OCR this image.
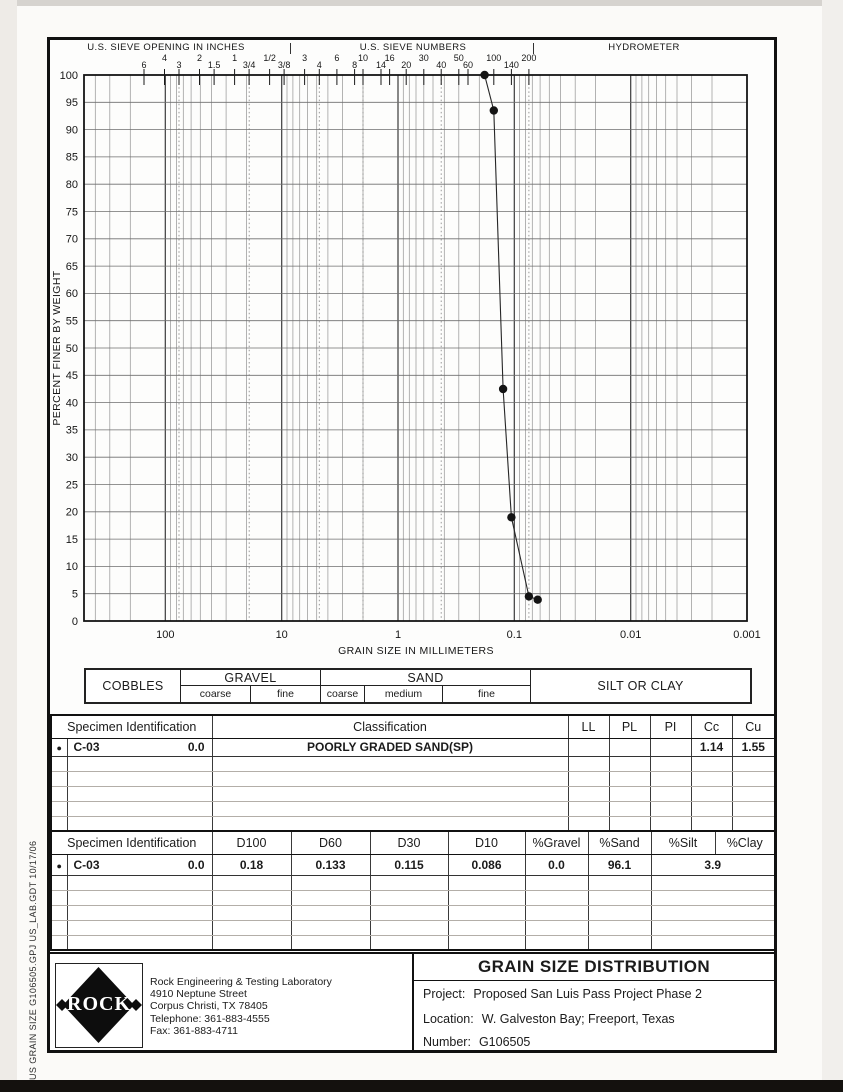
US GRAIN SIZE G106505.GPJ US_LAB.GDT 10/17/06
U.S. SIEVE OPENING IN INCHES	U.S. SIEVE NUMBERS	HYDROMETER
0
5
10
15
20
25
30
35
40
45
50
55
60
65
70
75
80
85
90
95
100
6
4
3
2
1.5
1
3/4
1/2
3/8
3
4
6
8
10
14
16
20
30
40
50
60
100
140
200
100	10	1	0.1	0.01	0.001
PERCENT FINER BY WEIGHT
GRAIN SIZE IN MILLIMETERS
COBBLES
GRAVEL
coarse	fine
SAND
coarse	medium	fine
SILT OR CLAY
Specimen Identification		Classification	LL	PL	PI	Cc	Cu
●	C-03 0.0	POORLY GRADED SAND(SP)				1.14	1.55

Specimen Identification		D100	D60	D30	D10	%Gravel	%Sand	%Silt	%Clay
●	C-03 0.0	0.18	0.133	0.115	0.086	0.0	96.1	3.9	

ROCK
Rock Engineering & Testing Laboratory
4910 Neptune Street
Corpus Christi, TX 78405
Telephone: 361-883-4555
Fax: 361-883-4711
GRAIN SIZE DISTRIBUTION
Project: Proposed San Luis Pass Project Phase 2
Location: W. Galveston Bay; Freeport, Texas
Number: G106505
